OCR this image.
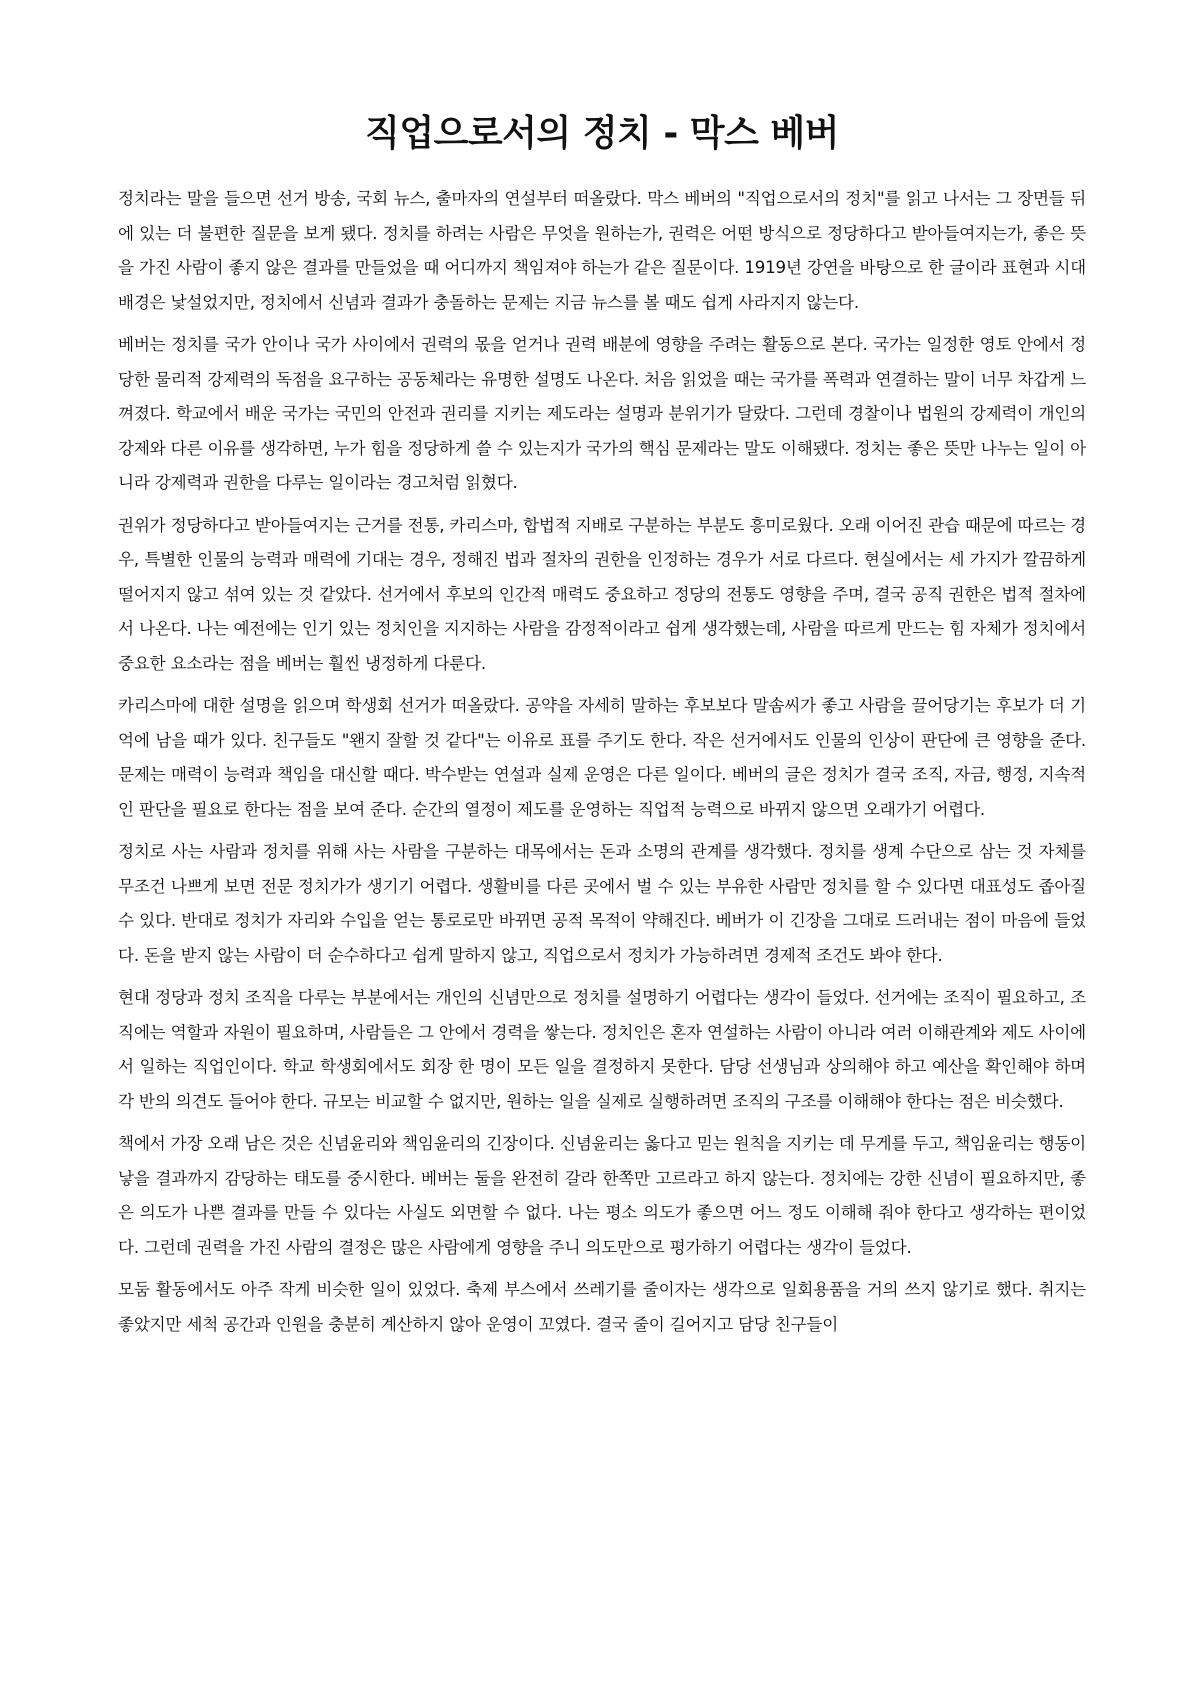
직업으로서의 정치 - 막스 베버

정치라는 말을 들으면 선거 방송, 국회 뉴스, 출마자의 연설부터 떠올랐다. 막스 베버의 "직업으로서의 정치"를 읽고 나서는 그 장면들 뒤에 있는 더 불편한 질문을 보게 됐다. 정치를 하려는 사람은 무엇을 원하는가, 권력은 어떤 방식으로 정당하다고 받아들여지는가, 좋은 뜻을 가진 사람이 좋지 않은 결과를 만들었을 때 어디까지 책임져야 하는가 같은 질문이다. 1919년 강연을 바탕으로 한 글이라 표현과 시대 배경은 낯설었지만, 정치에서 신념과 결과가 충돌하는 문제는 지금 뉴스를 볼 때도 쉽게 사라지지 않는다.

베버는 정치를 국가 안이나 국가 사이에서 권력의 몫을 얻거나 권력 배분에 영향을 주려는 활동으로 본다. 국가는 일정한 영토 안에서 정당한 물리적 강제력의 독점을 요구하는 공동체라는 유명한 설명도 나온다. 처음 읽었을 때는 국가를 폭력과 연결하는 말이 너무 차갑게 느껴졌다. 학교에서 배운 국가는 국민의 안전과 권리를 지키는 제도라는 설명과 분위기가 달랐다. 그런데 경찰이나 법원의 강제력이 개인의 강제와 다른 이유를 생각하면, 누가 힘을 정당하게 쓸 수 있는지가 국가의 핵심 문제라는 말도 이해됐다. 정치는 좋은 뜻만 나누는 일이 아니라 강제력과 권한을 다루는 일이라는 경고처럼 읽혔다.

권위가 정당하다고 받아들여지는 근거를 전통, 카리스마, 합법적 지배로 구분하는 부분도 흥미로웠다. 오래 이어진 관습 때문에 따르는 경우, 특별한 인물의 능력과 매력에 기대는 경우, 정해진 법과 절차의 권한을 인정하는 경우가 서로 다르다. 현실에서는 세 가지가 깔끔하게 떨어지지 않고 섞여 있는 것 같았다. 선거에서 후보의 인간적 매력도 중요하고 정당의 전통도 영향을 주며, 결국 공직 권한은 법적 절차에서 나온다. 나는 예전에는 인기 있는 정치인을 지지하는 사람을 감정적이라고 쉽게 생각했는데, 사람을 따르게 만드는 힘 자체가 정치에서 중요한 요소라는 점을 베버는 훨씬 냉정하게 다룬다.

카리스마에 대한 설명을 읽으며 학생회 선거가 떠올랐다. 공약을 자세히 말하는 후보보다 말솜씨가 좋고 사람을 끌어당기는 후보가 더 기억에 남을 때가 있다. 친구들도 "왠지 잘할 것 같다"는 이유로 표를 주기도 한다. 작은 선거에서도 인물의 인상이 판단에 큰 영향을 준다. 문제는 매력이 능력과 책임을 대신할 때다. 박수받는 연설과 실제 운영은 다른 일이다. 베버의 글은 정치가 결국 조직, 자금, 행정, 지속적인 판단을 필요로 한다는 점을 보여 준다. 순간의 열정이 제도를 운영하는 직업적 능력으로 바뀌지 않으면 오래가기 어렵다.

정치로 사는 사람과 정치를 위해 사는 사람을 구분하는 대목에서는 돈과 소명의 관계를 생각했다. 정치를 생계 수단으로 삼는 것 자체를 무조건 나쁘게 보면 전문 정치가가 생기기 어렵다. 생활비를 다른 곳에서 벌 수 있는 부유한 사람만 정치를 할 수 있다면 대표성도 좁아질 수 있다. 반대로 정치가 자리와 수입을 얻는 통로로만 바뀌면 공적 목적이 약해진다. 베버가 이 긴장을 그대로 드러내는 점이 마음에 들었다. 돈을 받지 않는 사람이 더 순수하다고 쉽게 말하지 않고, 직업으로서 정치가 가능하려면 경제적 조건도 봐야 한다.

현대 정당과 정치 조직을 다루는 부분에서는 개인의 신념만으로 정치를 설명하기 어렵다는 생각이 들었다. 선거에는 조직이 필요하고, 조직에는 역할과 자원이 필요하며, 사람들은 그 안에서 경력을 쌓는다. 정치인은 혼자 연설하는 사람이 아니라 여러 이해관계와 제도 사이에서 일하는 직업인이다. 학교 학생회에서도 회장 한 명이 모든 일을 결정하지 못한다. 담당 선생님과 상의해야 하고 예산을 확인해야 하며 각 반의 의견도 들어야 한다. 규모는 비교할 수 없지만, 원하는 일을 실제로 실행하려면 조직의 구조를 이해해야 한다는 점은 비슷했다.

책에서 가장 오래 남은 것은 신념윤리와 책임윤리의 긴장이다. 신념윤리는 옳다고 믿는 원칙을 지키는 데 무게를 두고, 책임윤리는 행동이 낳을 결과까지 감당하는 태도를 중시한다. 베버는 둘을 완전히 갈라 한쪽만 고르라고 하지 않는다. 정치에는 강한 신념이 필요하지만, 좋은 의도가 나쁜 결과를 만들 수 있다는 사실도 외면할 수 없다. 나는 평소 의도가 좋으면 어느 정도 이해해 줘야 한다고 생각하는 편이었다. 그런데 권력을 가진 사람의 결정은 많은 사람에게 영향을 주니 의도만으로 평가하기 어렵다는 생각이 들었다.

모둠 활동에서도 아주 작게 비슷한 일이 있었다. 축제 부스에서 쓰레기를 줄이자는 생각으로 일회용품을 거의 쓰지 않기로 했다. 취지는 좋았지만 세척 공간과 인원을 충분히 계산하지 않아 운영이 꼬였다. 결국 줄이 길어지고 담당 친구들이
